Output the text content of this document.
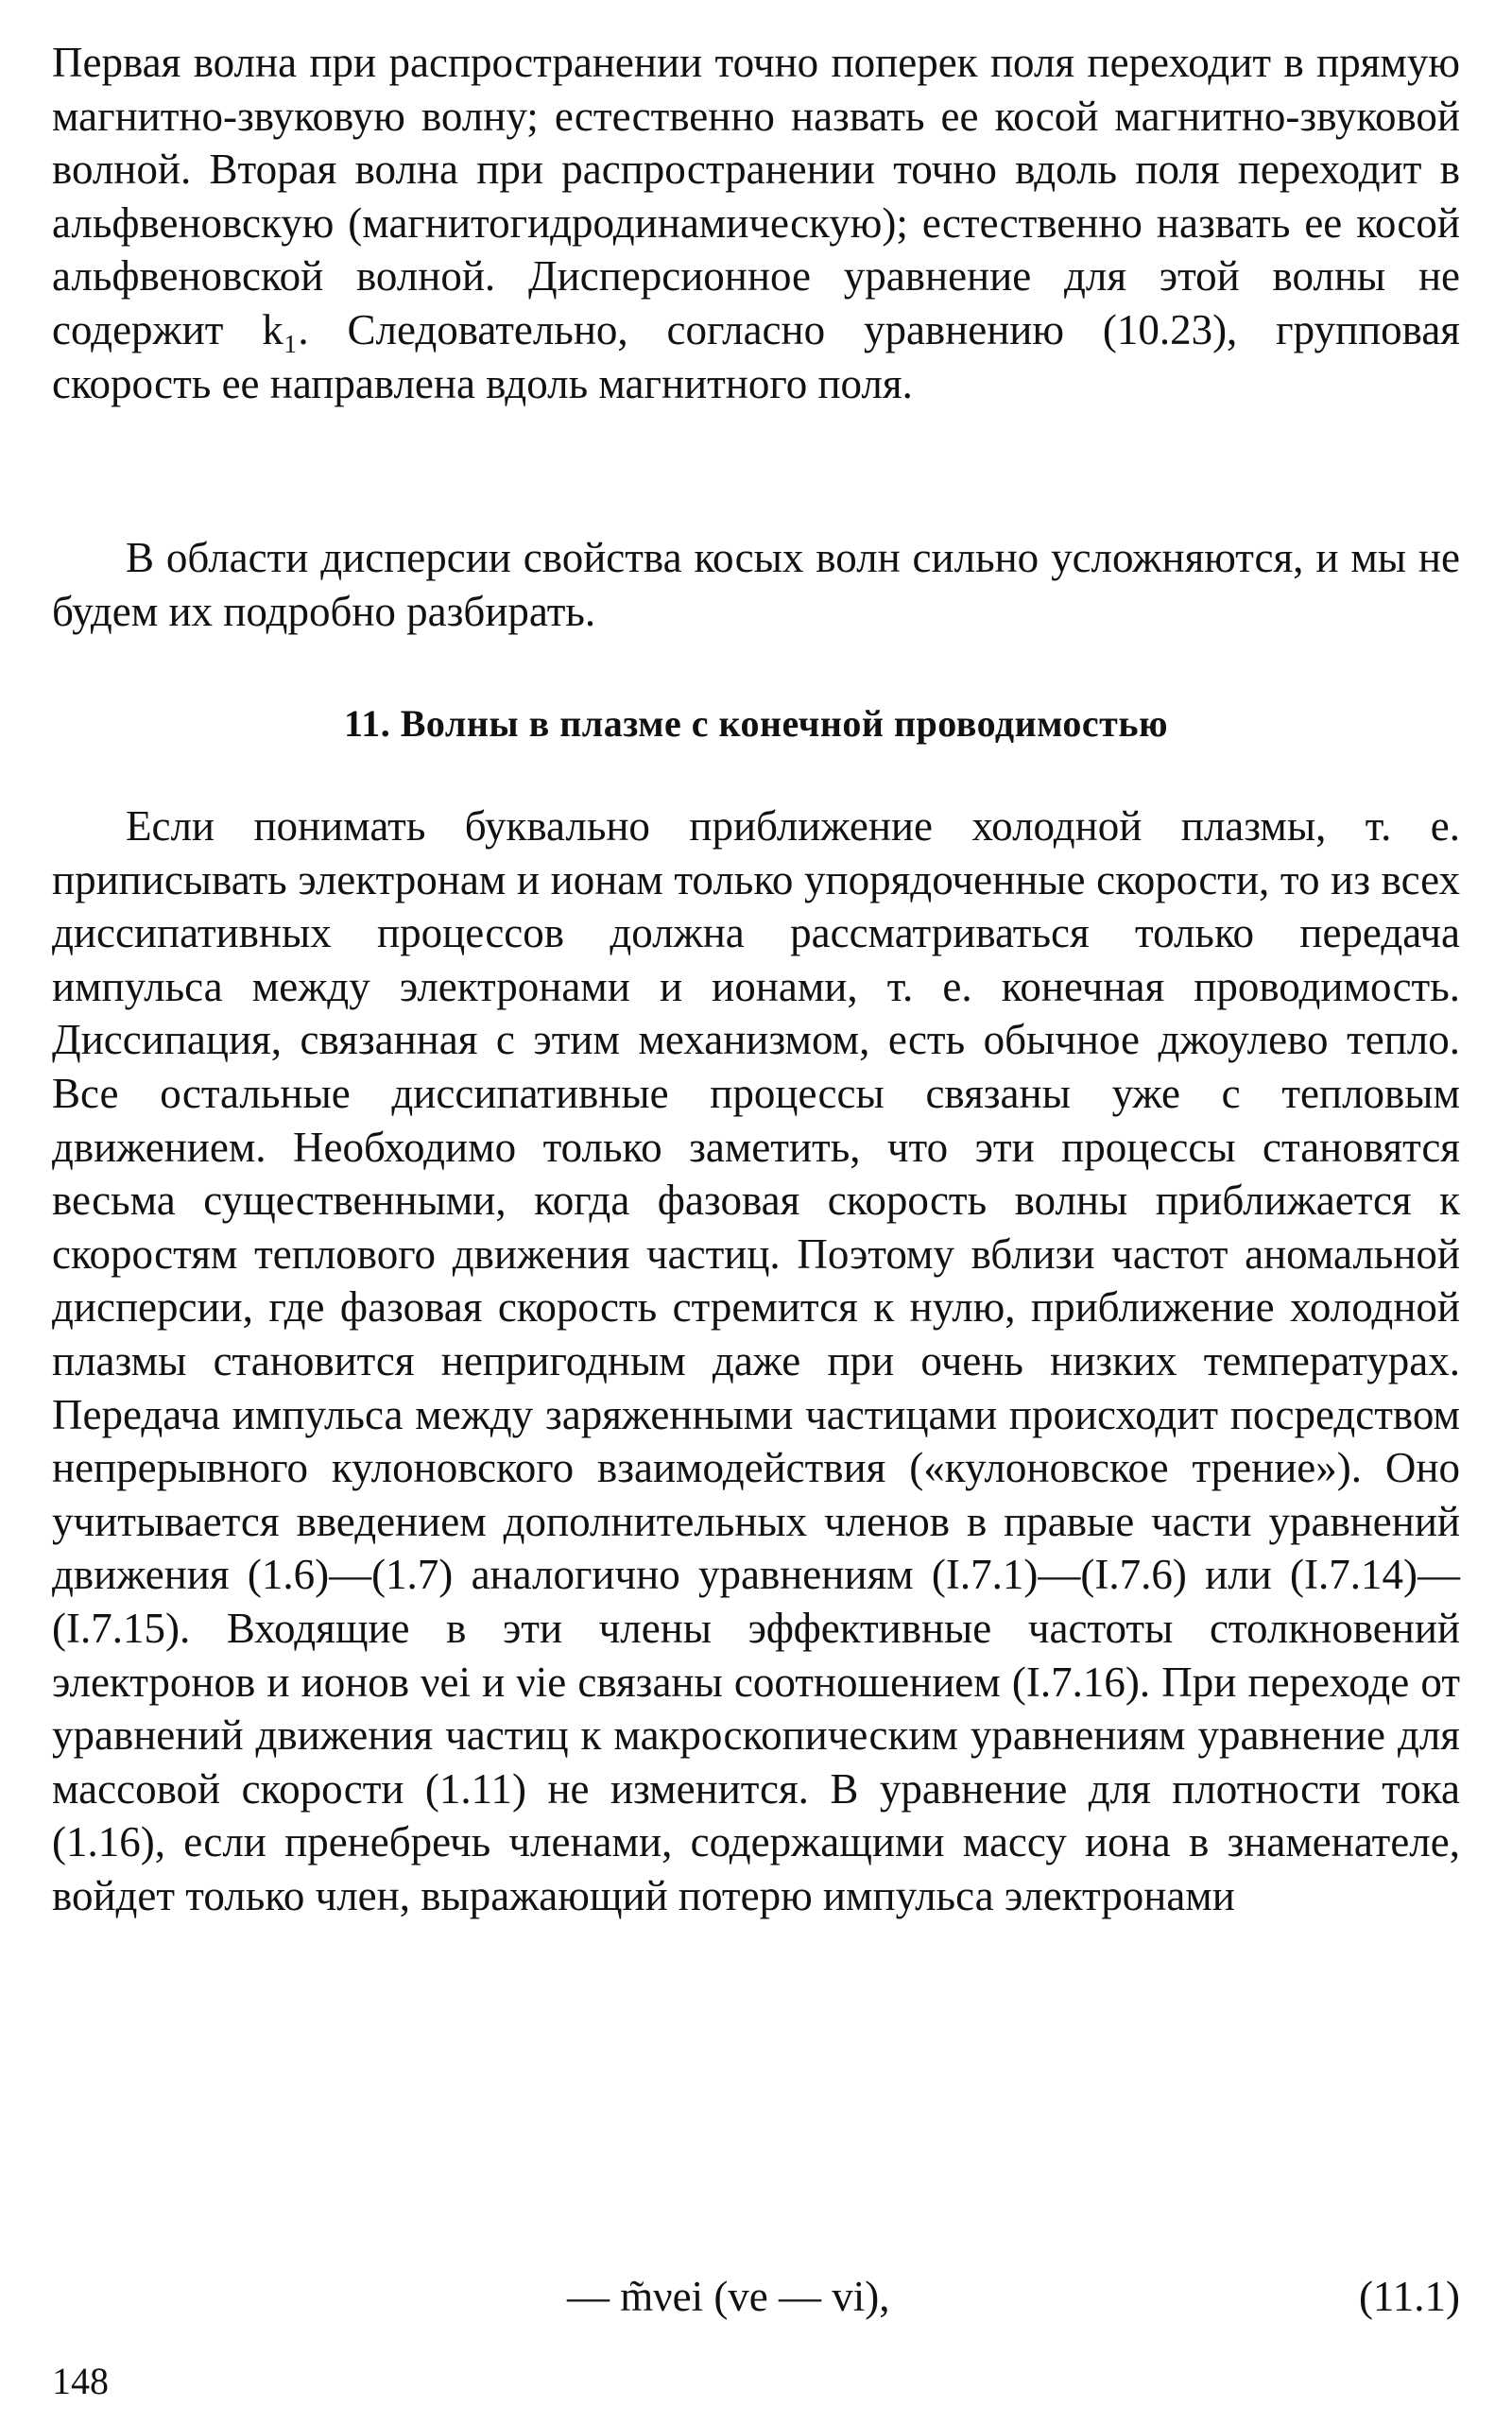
Первая волна при распространении точно поперек поля переходит в прямую магнитно-звуковую волну; естественно назвать ее косой магнитно-звуковой волной. Вторая волна при распространении точно вдоль поля переходит в альфвеновскую (магнитогидродинамическую); естественно назвать ее косой альфвеновской волной. Дисперсионное уравнение для этой волны не содержит k₁. Следовательно, согласно уравнению (10.23), групповая скорость ее направлена вдоль магнитного поля.

В области дисперсии свойства косых волн сильно усложняются, и мы не будем их подробно разбирать.

11. Волны в плазме с конечной проводимостью

Если понимать буквально приближение холодной плазмы, т. е. приписывать электронам и ионам только упорядоченные скорости, то из всех диссипативных процессов должна рассматриваться только передача импульса между электронами и ионами, т. е. конечная проводимость. Диссипация, связанная с этим механизмом, есть обычное джоулево тепло. Все остальные диссипативные процессы связаны уже с тепловым движением. Необходимо только заметить, что эти процессы становятся весьма существенными, когда фазовая скорость волны приближается к скоростям теплового движения частиц. Поэтому вблизи частот аномальной дисперсии, где фазовая скорость стремится к нулю, приближение холодной плазмы становится непригодным даже при очень низких температурах. Передача импульса между заряженными частицами происходит посредством непрерывного кулоновского взаимодействия («кулоновское трение»). Оно учитывается введением дополнительных членов в правые части уравнений движения (1.6)—(1.7) аналогично уравнениям (I.7.1)—(I.7.6) или (I.7.14)—(I.7.15). Входящие в эти члены эффективные частоты столкновений электронов и ионов νei и νie связаны соотношением (I.7.16). При переходе от уравнений движения частиц к макроскопическим уравнениям уравнение для массовой скорости (1.11) не изменится. В уравнение для плотности тока (1.16), если пренебречь членами, содержащими массу иона в знаменателе, войдет только член, выражающий потерю импульса электронами

— m̃νei (ve — vi),	(11.1)
148
